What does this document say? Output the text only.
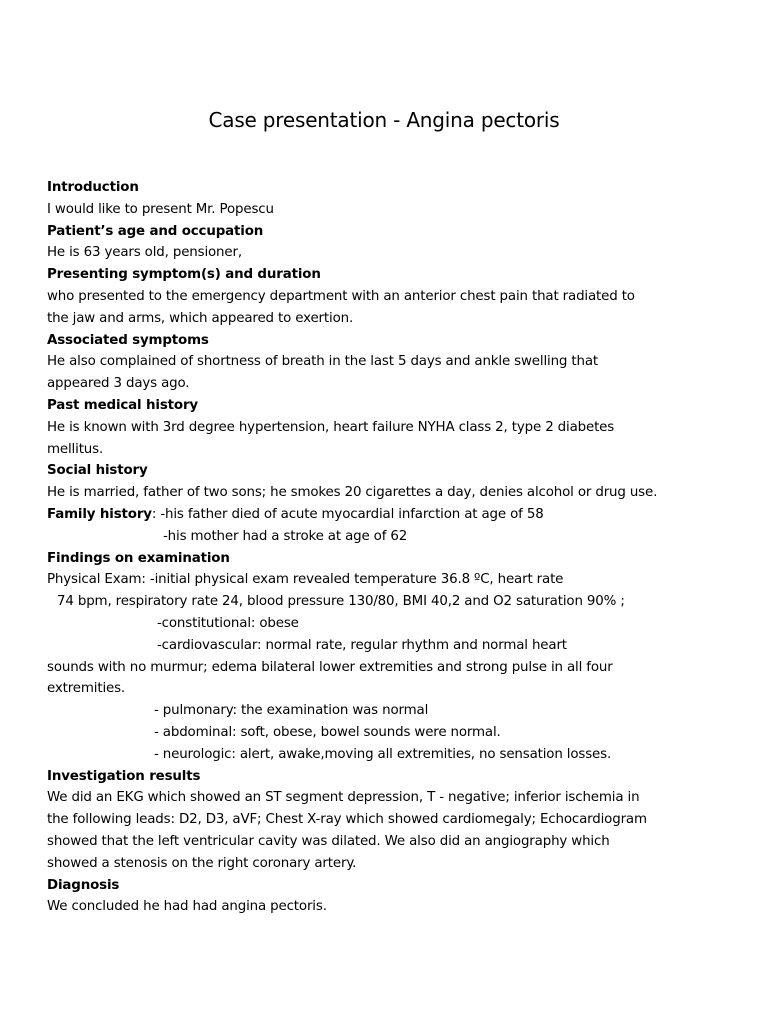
Case presentation - Angina pectoris
Introduction
I would like to present Mr. Popescu
Patient’s age and occupation
He is 63 years old, pensioner,
Presenting symptom(s) and duration
who presented to the emergency department with an anterior chest pain that radiated to
the jaw and arms, which appeared to exertion.
Associated symptoms
He also complained of shortness of breath in the last 5 days and ankle swelling that
appeared 3 days ago.
Past medical history
He is known with 3rd degree hypertension, heart failure NYHA class 2, type 2 diabetes
mellitus.
Social history
He is married, father of two sons; he smokes 20 cigarettes a day, denies alcohol or drug use.
Family history: -his father died of acute myocardial infarction at age of 58
-his mother had a stroke at age of 62
Findings on examination
Physical Exam: -initial physical exam revealed temperature 36.8 ºC, heart rate
74 bpm, respiratory rate 24, blood pressure 130/80, BMI 40,2 and O2 saturation 90% ;
-constitutional: obese
-cardiovascular: normal rate, regular rhythm and normal heart
sounds with no murmur; edema bilateral lower extremities and strong pulse in all four
extremities.
- pulmonary: the examination was normal
- abdominal: soft, obese, bowel sounds were normal.
- neurologic: alert, awake,moving all extremities, no sensation losses.
Investigation results
We did an EKG which showed an ST segment depression, T - negative; inferior ischemia in
the following leads: D2, D3, aVF; Chest X-ray which showed cardiomegaly; Echocardiogram
showed that the left ventricular cavity was dilated. We also did an angiography which
showed a stenosis on the right coronary artery.
Diagnosis
We concluded he had had angina pectoris.
